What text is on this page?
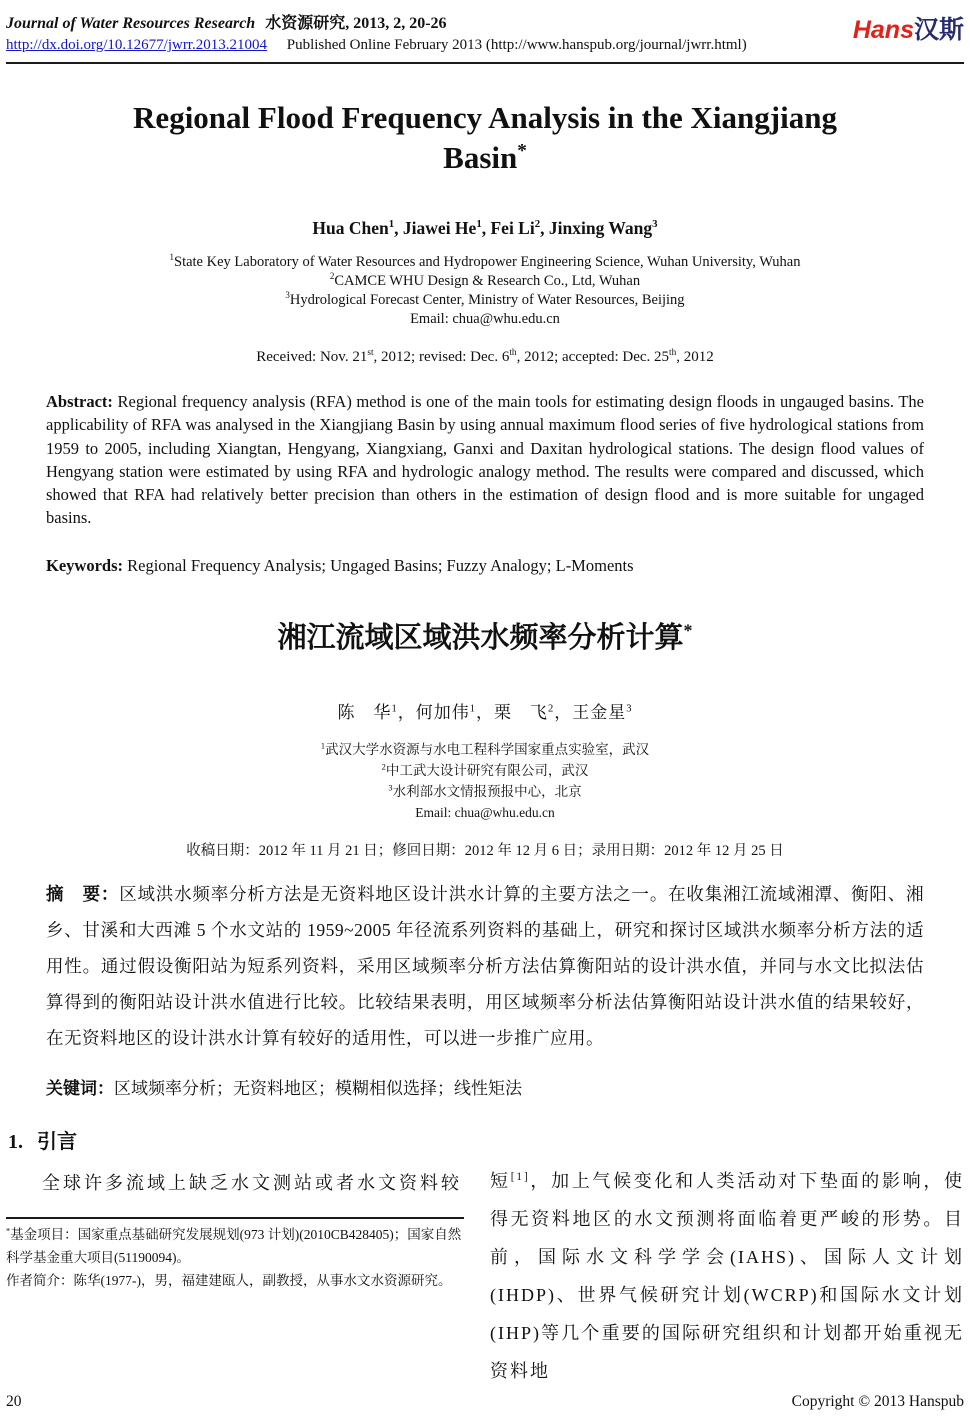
Journal of Water Resources Research 水资源研究, 2013, 2, 20-26
http://dx.doi.org/10.12677/jwrr.2013.21004 Published Online February 2013 (http://www.hanspub.org/journal/jwrr.html)
Hans汉斯
Regional Flood Frequency Analysis in the Xiangjiang
Basin*
Hua Chen$^1$, Jiawei He$^1$, Fei Li$^2$, Jinxing Wang$^3$
$^1$State Key Laboratory of Water Resources and Hydropower Engineering Science, Wuhan University, Wuhan
$^2$CAMCE WHU Design & Research Co., Ltd, Wuhan
$^3$Hydrological Forecast Center, Ministry of Water Resources, Beijing
Email: chua@whu.edu.cn
Received: Nov. 21st, 2012; revised: Dec. 6th, 2012; accepted: Dec. 25th, 2012

Abstract: Regional frequency analysis (RFA) method is one of the main tools for estimating design floods in ungauged basins. The applicability of RFA was analysed in the Xiangjiang Basin by using annual maximum flood series of five hydrological stations from 1959 to 2005, including Xiangtan, Hengyang, Xiangxiang, Ganxi and Daxitan hydrological stations. The design flood values of Hengyang station were estimated by using RFA and hydrologic analogy method. The results were compared and discussed, which showed that RFA had relatively better precision than others in the estimation of design flood and is more suitable for ungaged basins.

Keywords: Regional Frequency Analysis; Ungaged Basins; Fuzzy Analogy; L-Moments

湘江流域区域洪水频率分析计算*
陈　华$^1$，何加伟$^1$，栗　飞$^2$，王金星$^3$
$^1$武汉大学水资源与水电工程科学国家重点实验室，武汉
$^2$中工武大设计研究有限公司，武汉
$^3$水利部水文情报预报中心，北京
Email: chua@whu.edu.cn
收稿日期：2012 年 11 月 21 日；修回日期：2012 年 12 月 6 日；录用日期：2012 年 12 月 25 日

摘　要：区域洪水频率分析方法是无资料地区设计洪水计算的主要方法之一。在收集湘江流域湘潭、衡阳、湘乡、甘溪和大西滩 5 个水文站的 1959~2005 年径流系列资料的基础上，研究和探讨区域洪水频率分析方法的适用性。通过假设衡阳站为短系列资料，采用区域频率分析方法估算衡阳站的设计洪水值，并同与水文比拟法估算得到的衡阳站设计洪水值进行比较。比较结果表明，用区域频率分析法估算衡阳站设计洪水值的结果较好，在无资料地区的设计洪水计算有较好的适用性，可以进一步推广应用。

关键词：区域频率分析；无资料地区；模糊相似选择；线性矩法

1. 引言

全球许多流域上缺乏水文测站或者水文资料较

*基金项目：国家重点基础研究发展规划(973 计划)(2010CB428405)；国家自然科学基金重大项目(51190094)。
作者简介：陈华(1977-)，男，福建建瓯人，副教授，从事水文水资源研究。

短[1]，加上气候变化和人类活动对下垫面的影响，使得无资料地区的水文预测将面临着更严峻的形势。目前，国际水文科学学会(IAHS)、国际人文计划(IHDP)、世界气候研究计划(WCRP)和国际水文计划(IHP)等几个重要的国际研究组织和计划都开始重视无资料地

20	Copyright © 2013 Hanspub
